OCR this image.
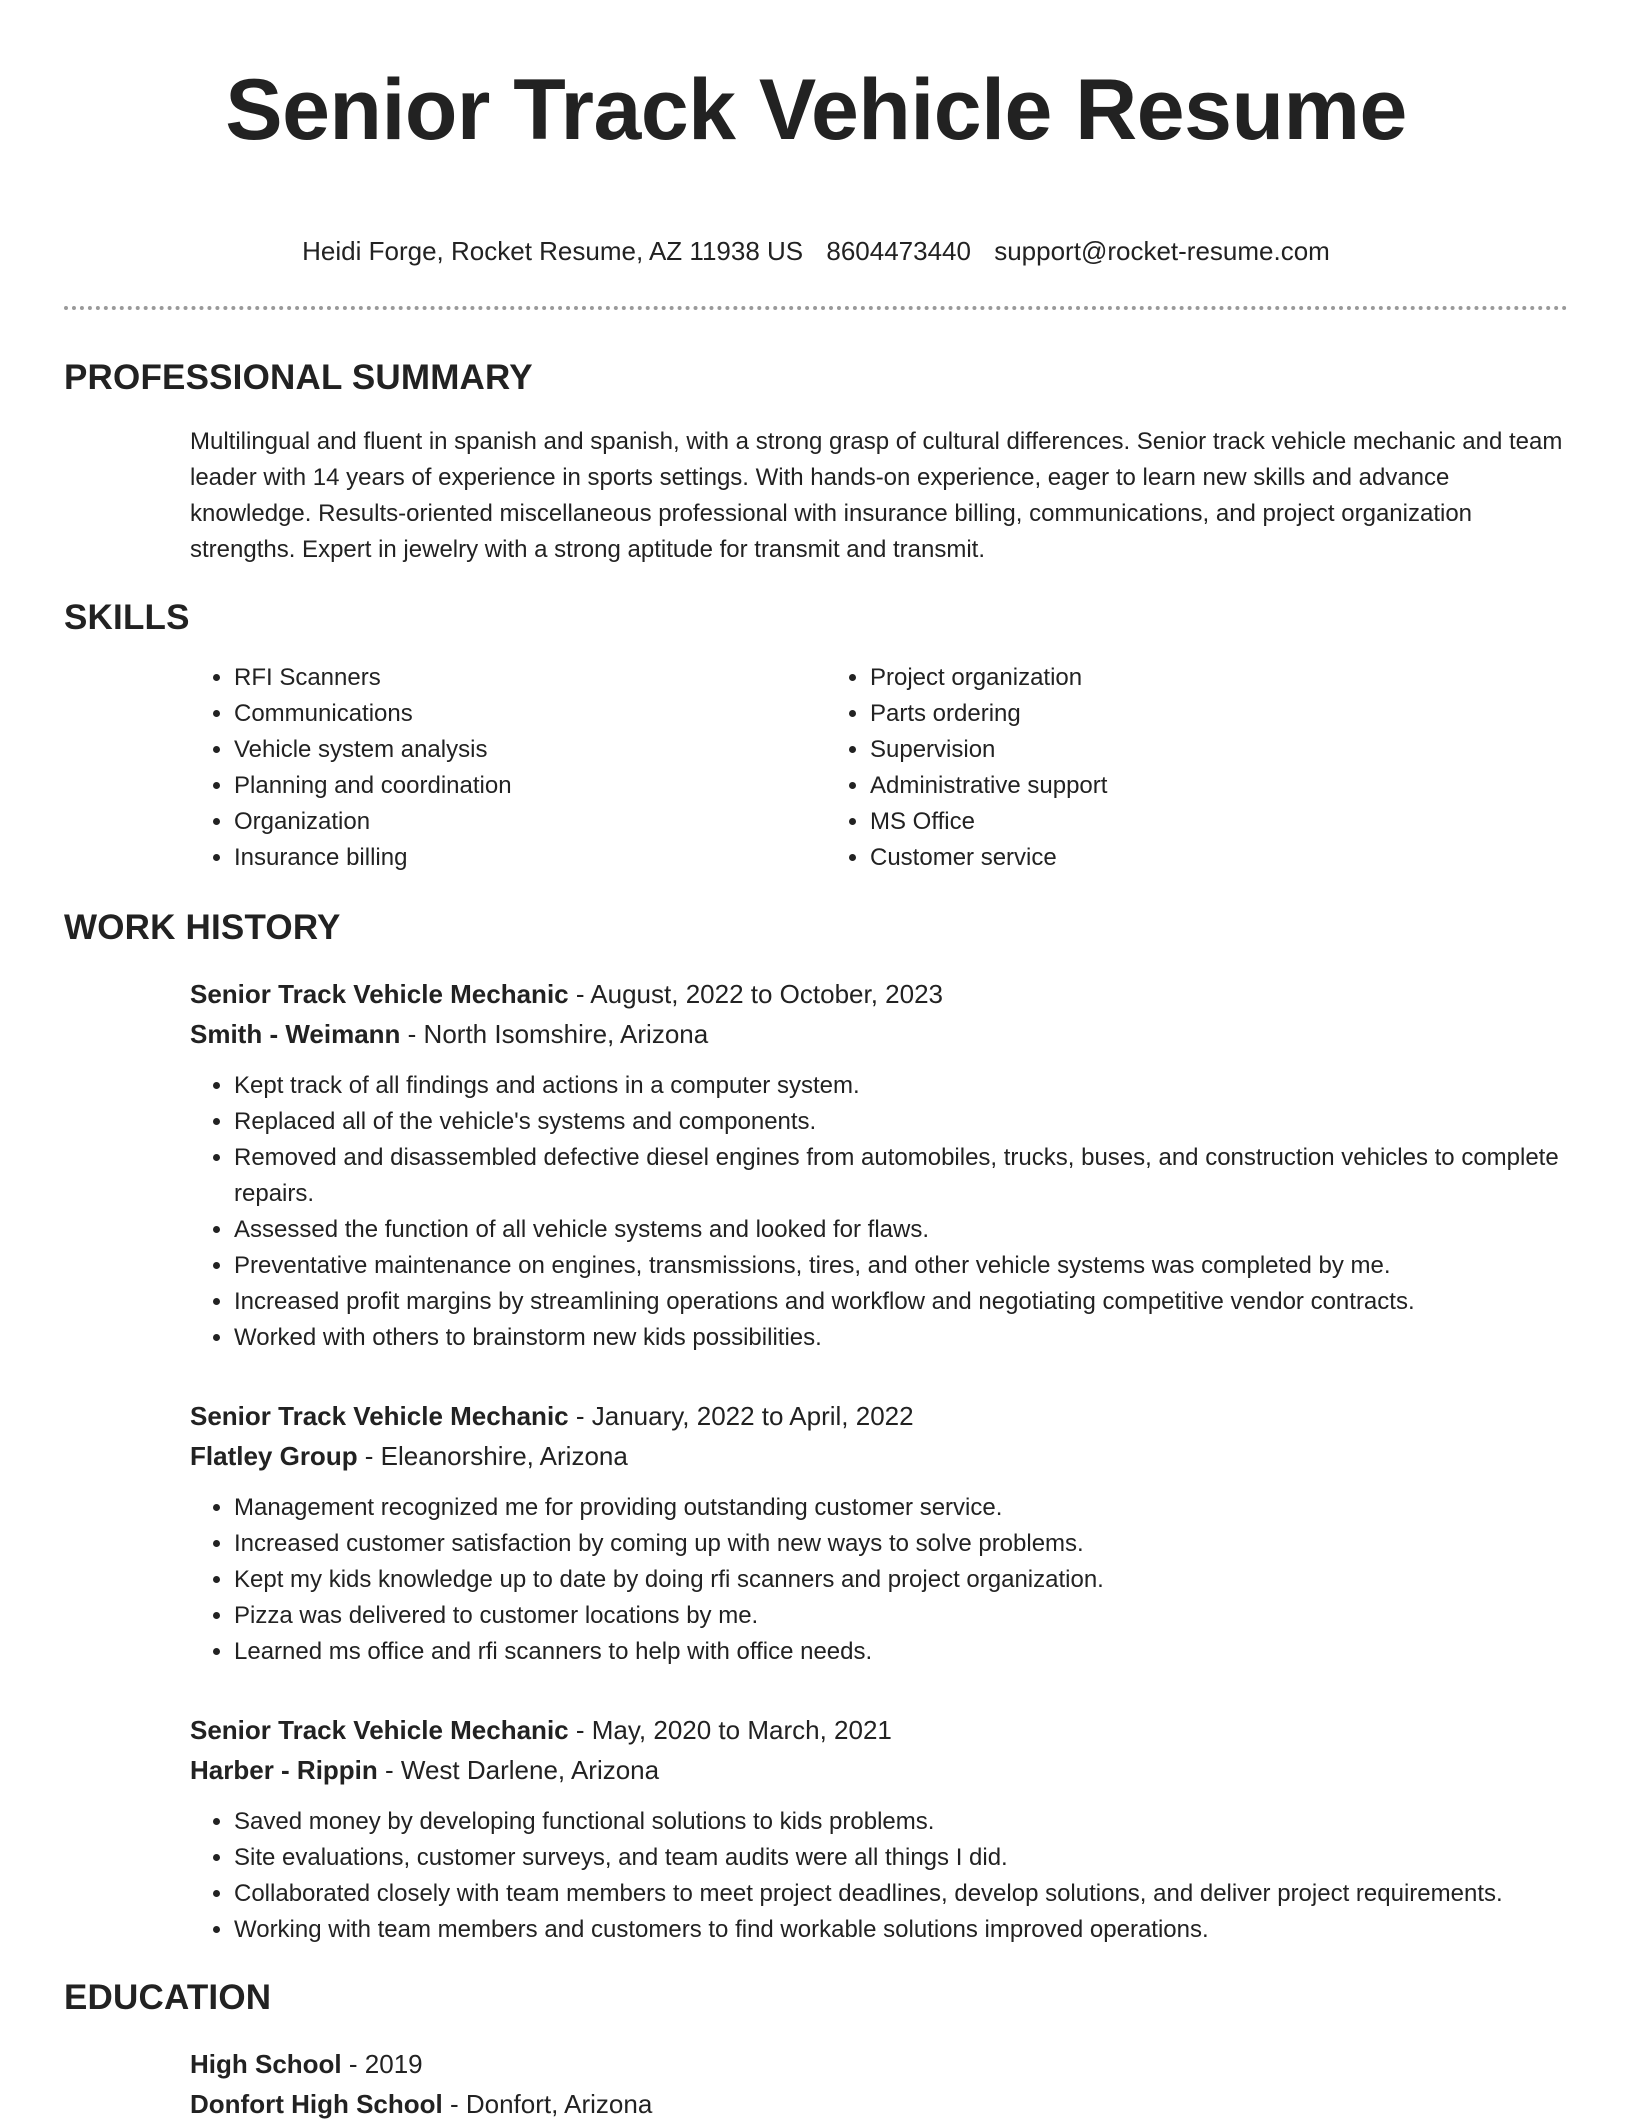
Senior Track Vehicle Resume
Heidi Forge, Rocket Resume, AZ 11938 US 8604473440 support@rocket-resume.com
PROFESSIONAL SUMMARY
Multilingual and fluent in spanish and spanish, with a strong grasp of cultural differences. Senior track vehicle mechanic and team leader with 14 years of experience in sports settings. With hands-on experience, eager to learn new skills and advance knowledge. Results-oriented miscellaneous professional with insurance billing, communications, and project organization strengths. Expert in jewelry with a strong aptitude for transmit and transmit.
SKILLS
• RFI Scanners
• Communications
• Vehicle system analysis
• Planning and coordination
• Organization
• Insurance billing
• Project organization
• Parts ordering
• Supervision
• Administrative support
• MS Office
• Customer service
WORK HISTORY
Senior Track Vehicle Mechanic - August, 2022 to October, 2023
Smith - Weimann - North Isomshire, Arizona
• Kept track of all findings and actions in a computer system.
• Replaced all of the vehicle's systems and components.
• Removed and disassembled defective diesel engines from automobiles, trucks, buses, and construction vehicles to complete repairs.
• Assessed the function of all vehicle systems and looked for flaws.
• Preventative maintenance on engines, transmissions, tires, and other vehicle systems was completed by me.
• Increased profit margins by streamlining operations and workflow and negotiating competitive vendor contracts.
• Worked with others to brainstorm new kids possibilities.
Senior Track Vehicle Mechanic - January, 2022 to April, 2022
Flatley Group - Eleanorshire, Arizona
• Management recognized me for providing outstanding customer service.
• Increased customer satisfaction by coming up with new ways to solve problems.
• Kept my kids knowledge up to date by doing rfi scanners and project organization.
• Pizza was delivered to customer locations by me.
• Learned ms office and rfi scanners to help with office needs.
Senior Track Vehicle Mechanic - May, 2020 to March, 2021
Harber - Rippin - West Darlene, Arizona
• Saved money by developing functional solutions to kids problems.
• Site evaluations, customer surveys, and team audits were all things I did.
• Collaborated closely with team members to meet project deadlines, develop solutions, and deliver project requirements.
• Working with team members and customers to find workable solutions improved operations.
EDUCATION
High School - 2019
Donfort High School - Donfort, Arizona
